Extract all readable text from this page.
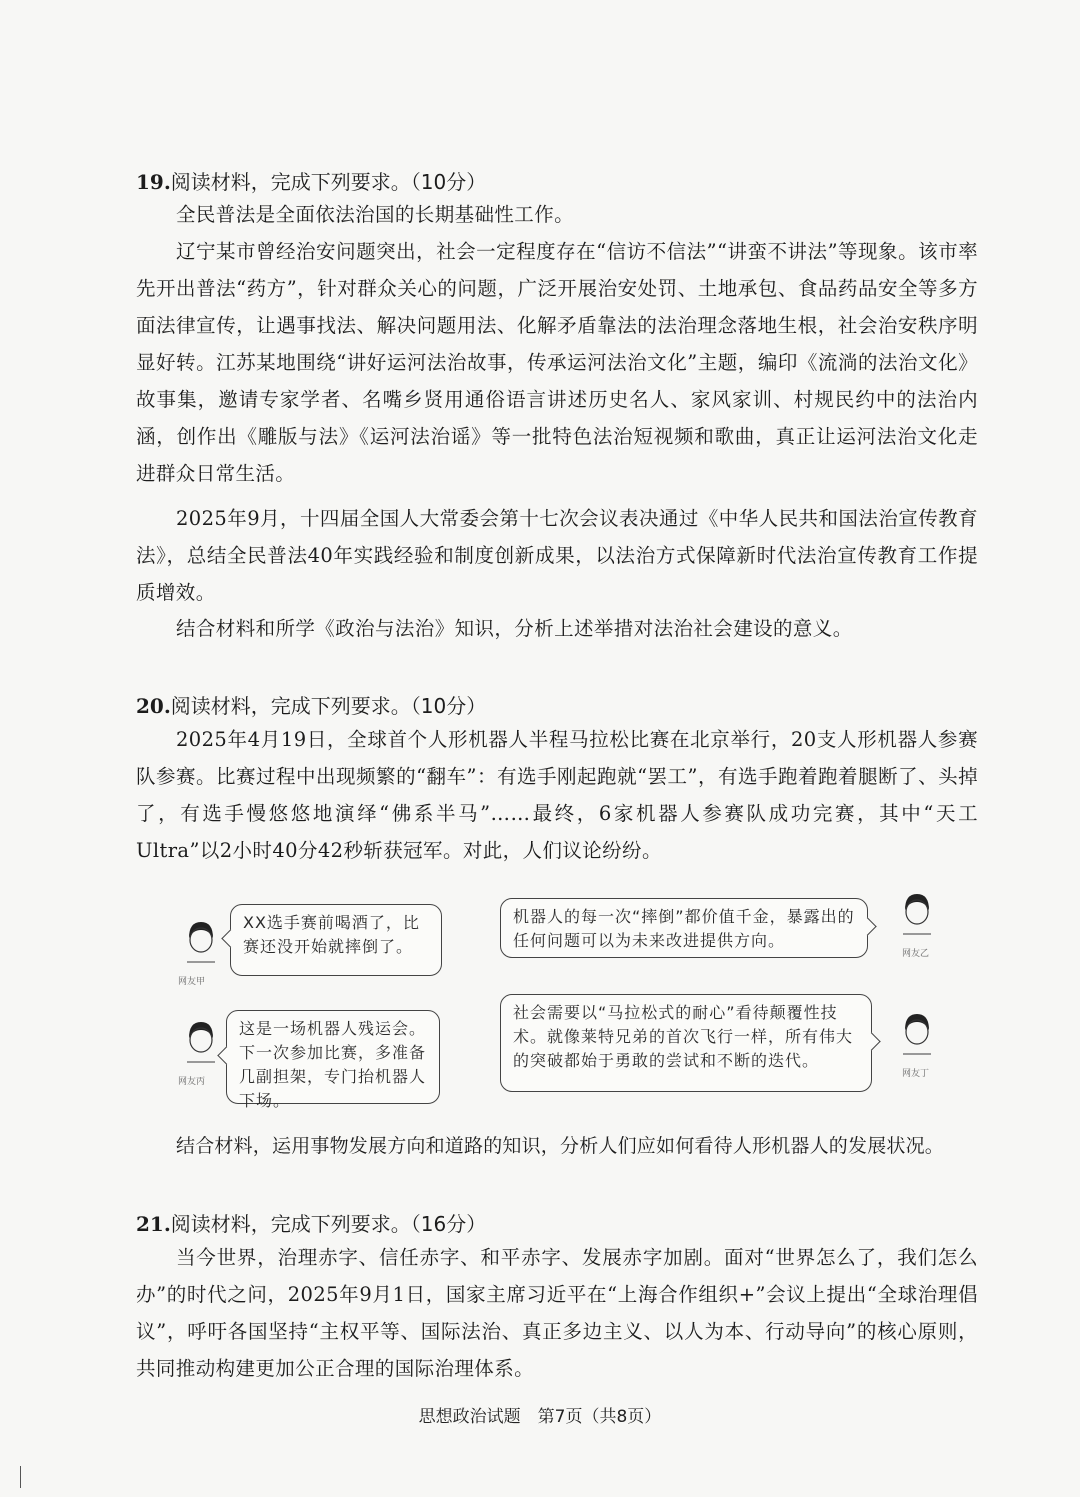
19.阅读材料，完成下列要求。（10分）
全民普法是全面依法治国的长期基础性工作。
辽宁某市曾经治安问题突出，社会一定程度存在“信访不信法”“讲蛮不讲法”等现象。该市率先开出普法“药方”，针对群众关心的问题，广泛开展治安处罚、土地承包、食品药品安全等多方面法律宣传，让遇事找法、解决问题用法、化解矛盾靠法的法治理念落地生根，社会治安秩序明显好转。江苏某地围绕“讲好运河法治故事，传承运河法治文化”主题，编印《流淌的法治文化》故事集，邀请专家学者、名嘴乡贤用通俗语言讲述历史名人、家风家训、村规民约中的法治内涵，创作出《雕版与法》《运河法治谣》等一批特色法治短视频和歌曲，真正让运河法治文化走进群众日常生活。
2025年9月，十四届全国人大常委会第十七次会议表决通过《中华人民共和国法治宣传教育法》，总结全民普法40年实践经验和制度创新成果，以法治方式保障新时代法治宣传教育工作提质增效。
结合材料和所学《政治与法治》知识，分析上述举措对法治社会建设的意义。
20.阅读材料，完成下列要求。（10分）
2025年4月19日，全球首个人形机器人半程马拉松比赛在北京举行，20支人形机器人参赛队参赛。比赛过程中出现频繁的“翻车”：有选手刚起跑就“罢工”，有选手跑着跑着腿断了、头掉了，有选手慢悠悠地演绎“佛系半马”……最终，6家机器人参赛队成功完赛，其中“天工Ultra”以2小时40分42秒斩获冠军。对此，人们议论纷纷。
网友甲
XX选手赛前喝酒了，比赛还没开始就摔倒了。
机器人的每一次“摔倒”都价值千金，暴露出的任何问题可以为未来改进提供方向。
网友乙
网友丙
这是一场机器人残运会。下一次参加比赛，多准备几副担架，专门抬机器人下场。
社会需要以“马拉松式的耐心”看待颠覆性技术。就像莱特兄弟的首次飞行一样，所有伟大的突破都始于勇敢的尝试和不断的迭代。
网友丁
结合材料，运用事物发展方向和道路的知识，分析人们应如何看待人形机器人的发展状况。
21.阅读材料，完成下列要求。（16分）
当今世界，治理赤字、信任赤字、和平赤字、发展赤字加剧。面对“世界怎么了，我们怎么办”的时代之问，2025年9月1日，国家主席习近平在“上海合作组织+”会议上提出“全球治理倡议”，呼吁各国坚持“主权平等、国际法治、真正多边主义、以人为本、行动导向”的核心原则，共同推动构建更加公正合理的国际治理体系。
思想政治试题　第7页（共8页）
